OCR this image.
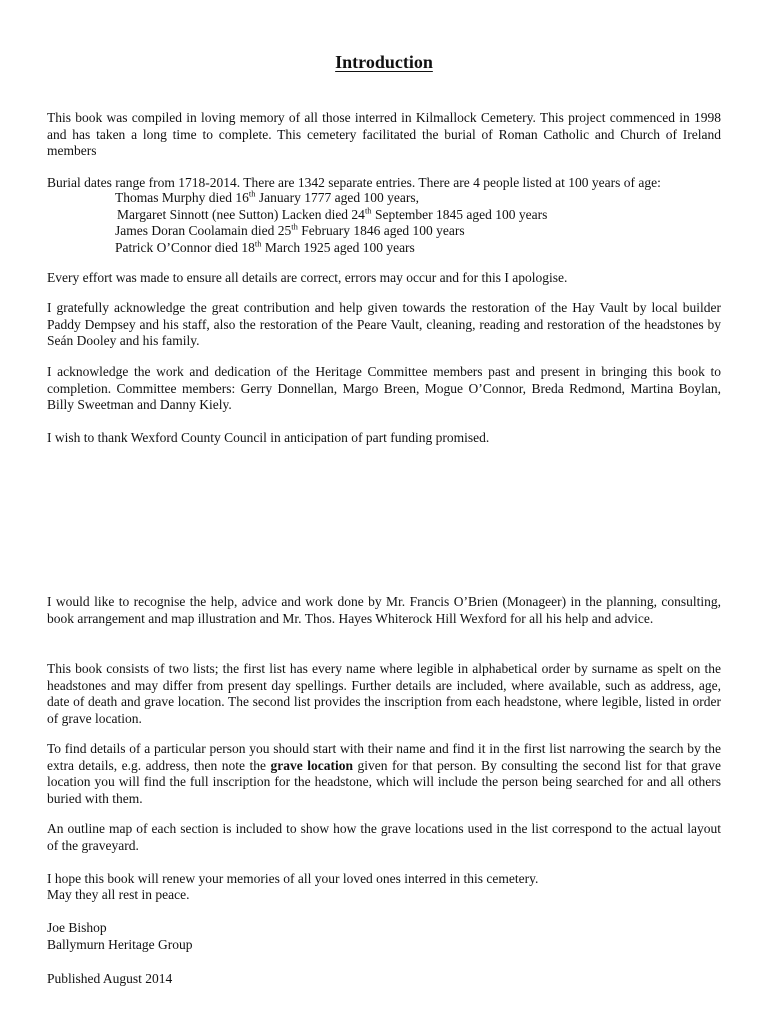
Introduction

This book was compiled in loving memory of all those interred in Kilmallock Cemetery. This project commenced in 1998 and has taken a long time to complete. This cemetery facilitated the burial of Roman Catholic and Church of Ireland members

Burial dates range from 1718-2014. There are 1342 separate entries. There are 4 people listed at 100 years of age:

Thomas Murphy died 16th January 1777 aged 100 years,
Margaret Sinnott (nee Sutton) Lacken died 24th September 1845 aged 100 years
James Doran Coolamain died 25th February 1846 aged 100 years
Patrick O’Connor died 18th March 1925 aged 100 years

Every effort was made to ensure all details are correct, errors may occur and for this I apologise.

I gratefully acknowledge the great contribution and help given towards the restoration of the Hay Vault by local builder Paddy Dempsey and his staff, also the restoration of the Peare Vault, cleaning, reading and restoration of the headstones by Seán Dooley and his family.

I acknowledge the work and dedication of the Heritage Committee members past and present in bringing this book to completion. Committee members: Gerry Donnellan, Margo Breen, Mogue O’Connor, Breda Redmond, Martina Boylan, Billy Sweetman and Danny Kiely.

I wish to thank Wexford County Council in anticipation of part funding promised.

I would like to recognise the help, advice and work done by Mr. Francis O’Brien (Monageer) in the planning, consulting, book arrangement and map illustration and Mr. Thos. Hayes Whiterock Hill Wexford for all his help and advice.

This book consists of two lists; the first list has every name where legible in alphabetical order by surname as spelt on the headstones and may differ from present day spellings. Further details are included, where available, such as address, age, date of death and grave location. The second list provides the inscription from each headstone, where legible, listed in order of grave location.

To find details of a particular person you should start with their name and find it in the first list narrowing the search by the extra details, e.g. address, then note the grave location given for that person. By consulting the second list for that grave location you will find the full inscription for the headstone, which will include the person being searched for and all others buried with them.

An outline map of each section is included to show how the grave locations used in the list correspond to the actual layout of the graveyard.

I hope this book will renew your memories of all your loved ones interred in this cemetery.

May they all rest in peace.

Joe Bishop

Ballymurn Heritage Group

Published August 2014
